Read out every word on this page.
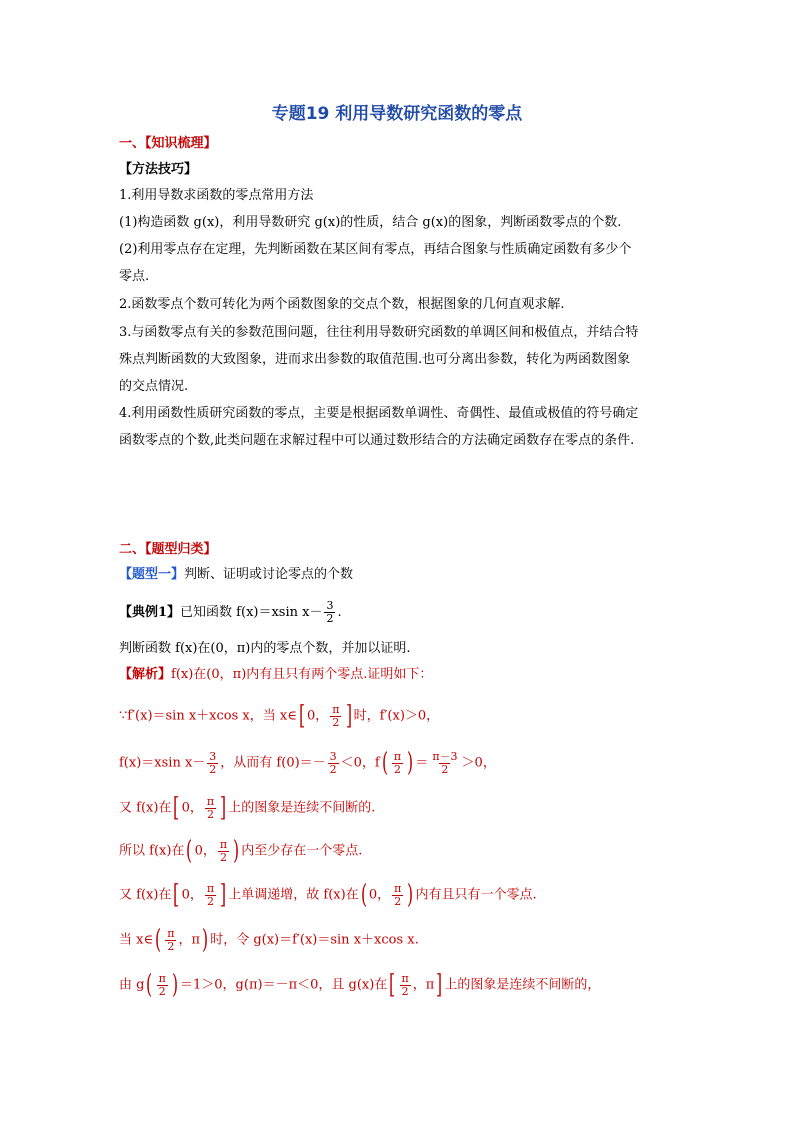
专题19 利用导数研究函数的零点
一、【知识梳理】
【方法技巧】
1.利用导数求函数的零点常用方法
(1)构造函数 g(x)，利用导数研究 g(x)的性质，结合 g(x)的图象，判断函数零点的个数.
(2)利用零点存在定理，先判断函数在某区间有零点，再结合图象与性质确定函数有多少个
零点.
2.函数零点个数可转化为两个函数图象的交点个数，根据图象的几何直观求解.
3.与函数零点有关的参数范围问题，往往利用导数研究函数的单调区间和极值点，并结合特
殊点判断函数的大致图象，进而求出参数的取值范围.也可分离出参数，转化为两函数图象
的交点情况.
4.利用函数性质研究函数的零点，主要是根据函数单调性、奇偶性、最值或极值的符号确定
函数零点的个数,此类问题在求解过程中可以通过数形结合的方法确定函数存在零点的条件.
二、【题型归类】
【题型一】判断、证明或讨论零点的个数
【典例1】已知函数 f(x)＝xsin $x- \frac{3}{2}$ .
判断函数 f(x)在(0，π)内的零点个数，并加以证明.
【解析】f(x)在(0，π)内有且只有两个零点.证明如下：
∵f′(x)＝sin x＋xcos x，当 x∈[ 0， $\frac{\pi}{2}$ ] 时，f′(x)＞0，
f(x)＝xsin $x- \frac{3}{2}$ ，从而有 $f(0)=- \frac{3}{2} <0$，$f( \frac{\pi}{2}$ ) ＝ $\frac{\pi-3}{2} >0$，
又 f(x)在[ 0， $\frac{\pi}{2}$ ] 上的图象是连续不间断的.
所以 f(x)在( 0， $\frac{\pi}{2}$ ) 内至少存在一个零点.
又 f(x)在[ 0， $\frac{\pi}{2}$ ] 上单调递增，故 f(x)在( 0， $\frac{\pi}{2}$ ) 内有且只有一个零点.
当 x∈( $\frac{\pi}{2}$ ，π) 时，令 g(x)＝f′(x)＝sin x＋xcos x.
由 $g( \frac{\pi}{2}$ ) ＝1＞0，g(π)＝－π＜0，且 g(x)在[ $\frac{\pi}{2}$ ，π] 上的图象是连续不间断的，
